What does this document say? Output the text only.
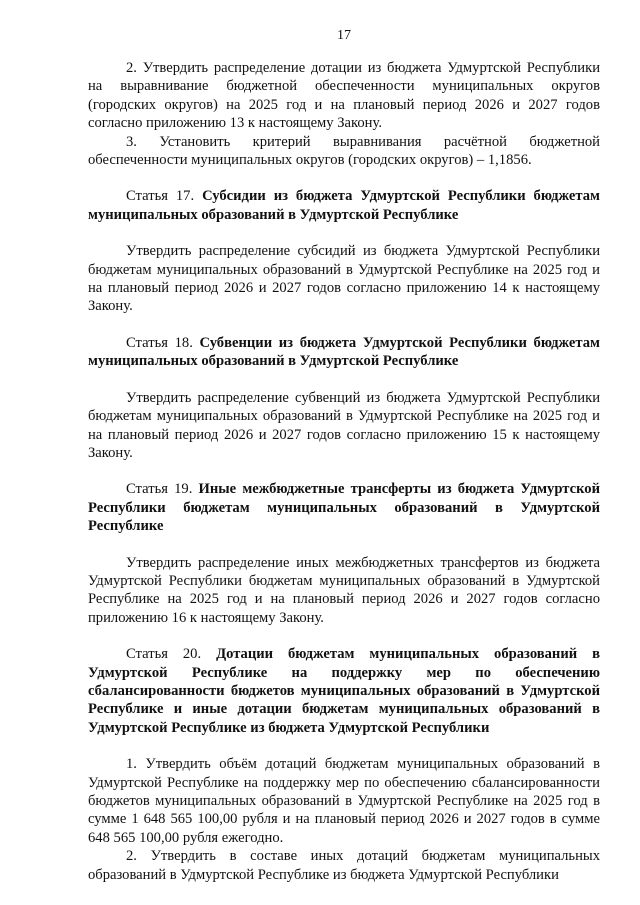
17

2. Утвердить распределение дотации из бюджета Удмуртской Республики на выравнивание бюджетной обеспеченности муниципальных округов (городских округов) на 2025 год и на плановый период 2026 и 2027 годов согласно приложению 13 к настоящему Закону.

3. Установить критерий выравнивания расчётной бюджетной обеспеченности муниципальных округов (городских округов) – 1,1856.

Статья 17. Субсидии из бюджета Удмуртской Республики бюджетам муниципальных образований в Удмуртской Республике

Утвердить распределение субсидий из бюджета Удмуртской Республики бюджетам муниципальных образований в Удмуртской Республике на 2025 год и на плановый период 2026 и 2027 годов согласно приложению 14 к настоящему Закону.

Статья 18. Субвенции из бюджета Удмуртской Республики бюджетам муниципальных образований в Удмуртской Республике

Утвердить распределение субвенций из бюджета Удмуртской Республики бюджетам муниципальных образований в Удмуртской Республике на 2025 год и на плановый период 2026 и 2027 годов согласно приложению 15 к настоящему Закону.

Статья 19. Иные межбюджетные трансферты из бюджета Удмуртской Республики бюджетам муниципальных образований в Удмуртской Республике

Утвердить распределение иных межбюджетных трансфертов из бюджета Удмуртской Республики бюджетам муниципальных образований в Удмуртской Республике на 2025 год и на плановый период 2026 и 2027 годов согласно приложению 16 к настоящему Закону.

Статья 20. Дотации бюджетам муниципальных образований в Удмуртской Республике на поддержку мер по обеспечению сбалансированности бюджетов муниципальных образований в Удмуртской Республике и иные дотации бюджетам муниципальных образований в Удмуртской Республике из бюджета Удмуртской Республики

1. Утвердить объём дотаций бюджетам муниципальных образований в Удмуртской Республике на поддержку мер по обеспечению сбалансированности бюджетов муниципальных образований в Удмуртской Республике на 2025 год в сумме 1 648 565 100,00 рубля и на плановый период 2026 и 2027 годов в сумме 648 565 100,00 рубля ежегодно.

2. Утвердить в составе иных дотаций бюджетам муниципальных образований в Удмуртской Республике из бюджета Удмуртской Республики
